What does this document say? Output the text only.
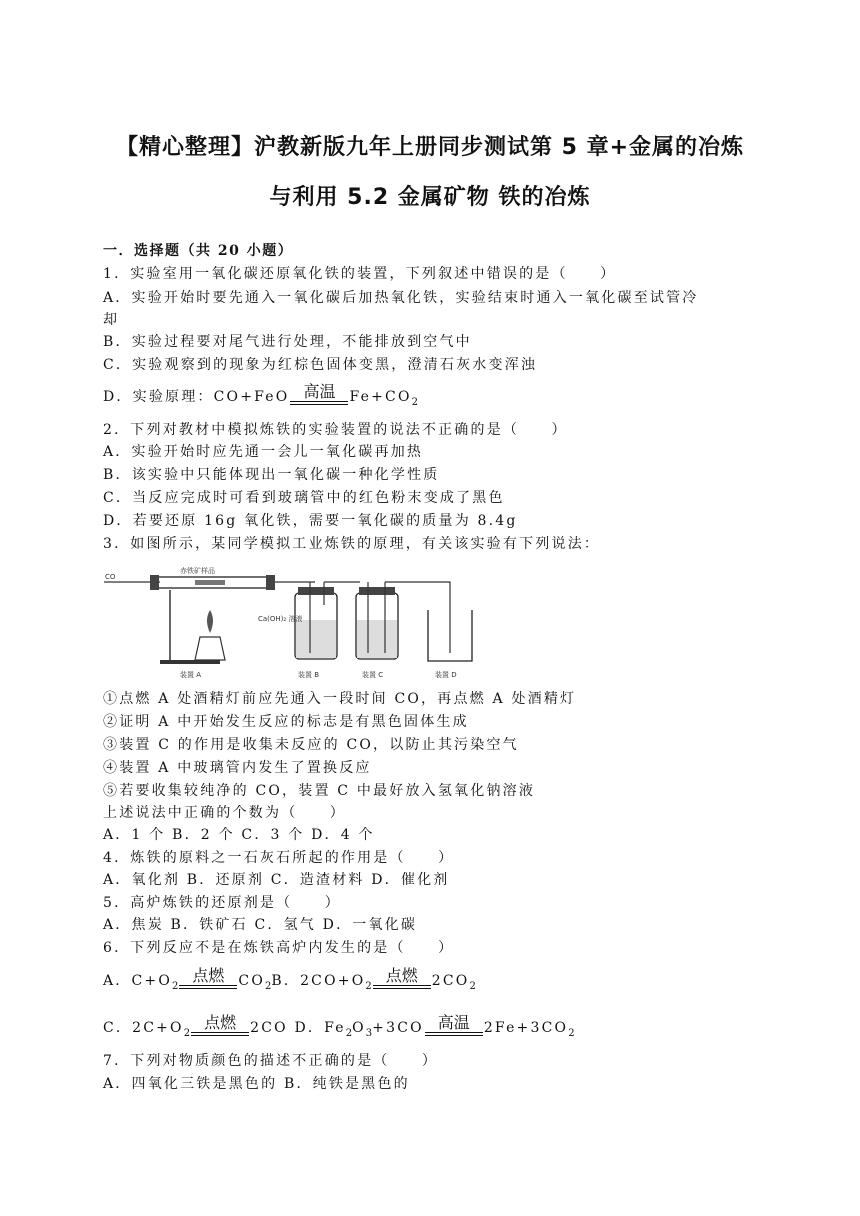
【精心整理】沪教新版九年上册同步测试第 5 章+金属的冶炼
与利用 5.2 金属矿物 铁的冶炼
一．选择题（共 20 小题）
1．实验室用一氧化碳还原氧化铁的装置，下列叙述中错误的是（　　）
A．实验开始时要先通入一氧化碳后加热氧化铁，实验结束时通入一氧化碳至试管冷
却
B．实验过程要对尾气进行处理，不能排放到空气中
C．实验观察到的现象为红棕色固体变黑，澄清石灰水变浑浊
D．实验原理：CO+FeO 高温	$Fe+CO_2$
2．下列对教材中模拟炼铁的实验装置的说法不正确的是（　　）
A．实验开始时应先通一会儿一氧化碳再加热
B．该实验中只能体现出一氧化碳一种化学性质
C．当反应完成时可看到玻璃管中的红色粉末变成了黑色
D．若要还原 16g 氧化铁，需要一氧化碳的质量为 8.4g
3．如图所示，某同学模拟工业炼铁的原理，有关该实验有下列说法：
CO
赤铁矿样品
装置 A
Ca(OH)₂ 溶液
装置 B	装置 C	装置 D
①点燃 A 处酒精灯前应先通入一段时间 CO，再点燃 A 处酒精灯
②证明 A 中开始发生反应的标志是有黑色固体生成
③装置 C 的作用是收集未反应的 CO，以防止其污染空气
④装置 A 中玻璃管内发生了置换反应
⑤若要收集较纯净的 CO，装置 C 中最好放入氢氧化钠溶液
上述说法中正确的个数为（　　）
A．1 个 B．2 个 C．3 个 D．4 个
4．炼铁的原料之一石灰石所起的作用是（　　）
A．氧化剂 B．还原剂 C．造渣材料 D．催化剂
5．高炉炼铁的还原剂是（　　）
A．焦炭 B．铁矿石 C．氢气 D．一氧化碳
6．下列反应不是在炼铁高炉内发生的是（　　）
A．$C+O_2$
点燃	$CO_2B$．$2CO+O_2$
点燃	$2CO_2$
C．$2C+O_2$
点燃	2CO D．$Fe_2O_3+3CO$ 高温	$2Fe+3CO_2$
7．下列对物质颜色的描述不正确的是（　　）
A．四氧化三铁是黑色的 B．纯铁是黑色的
